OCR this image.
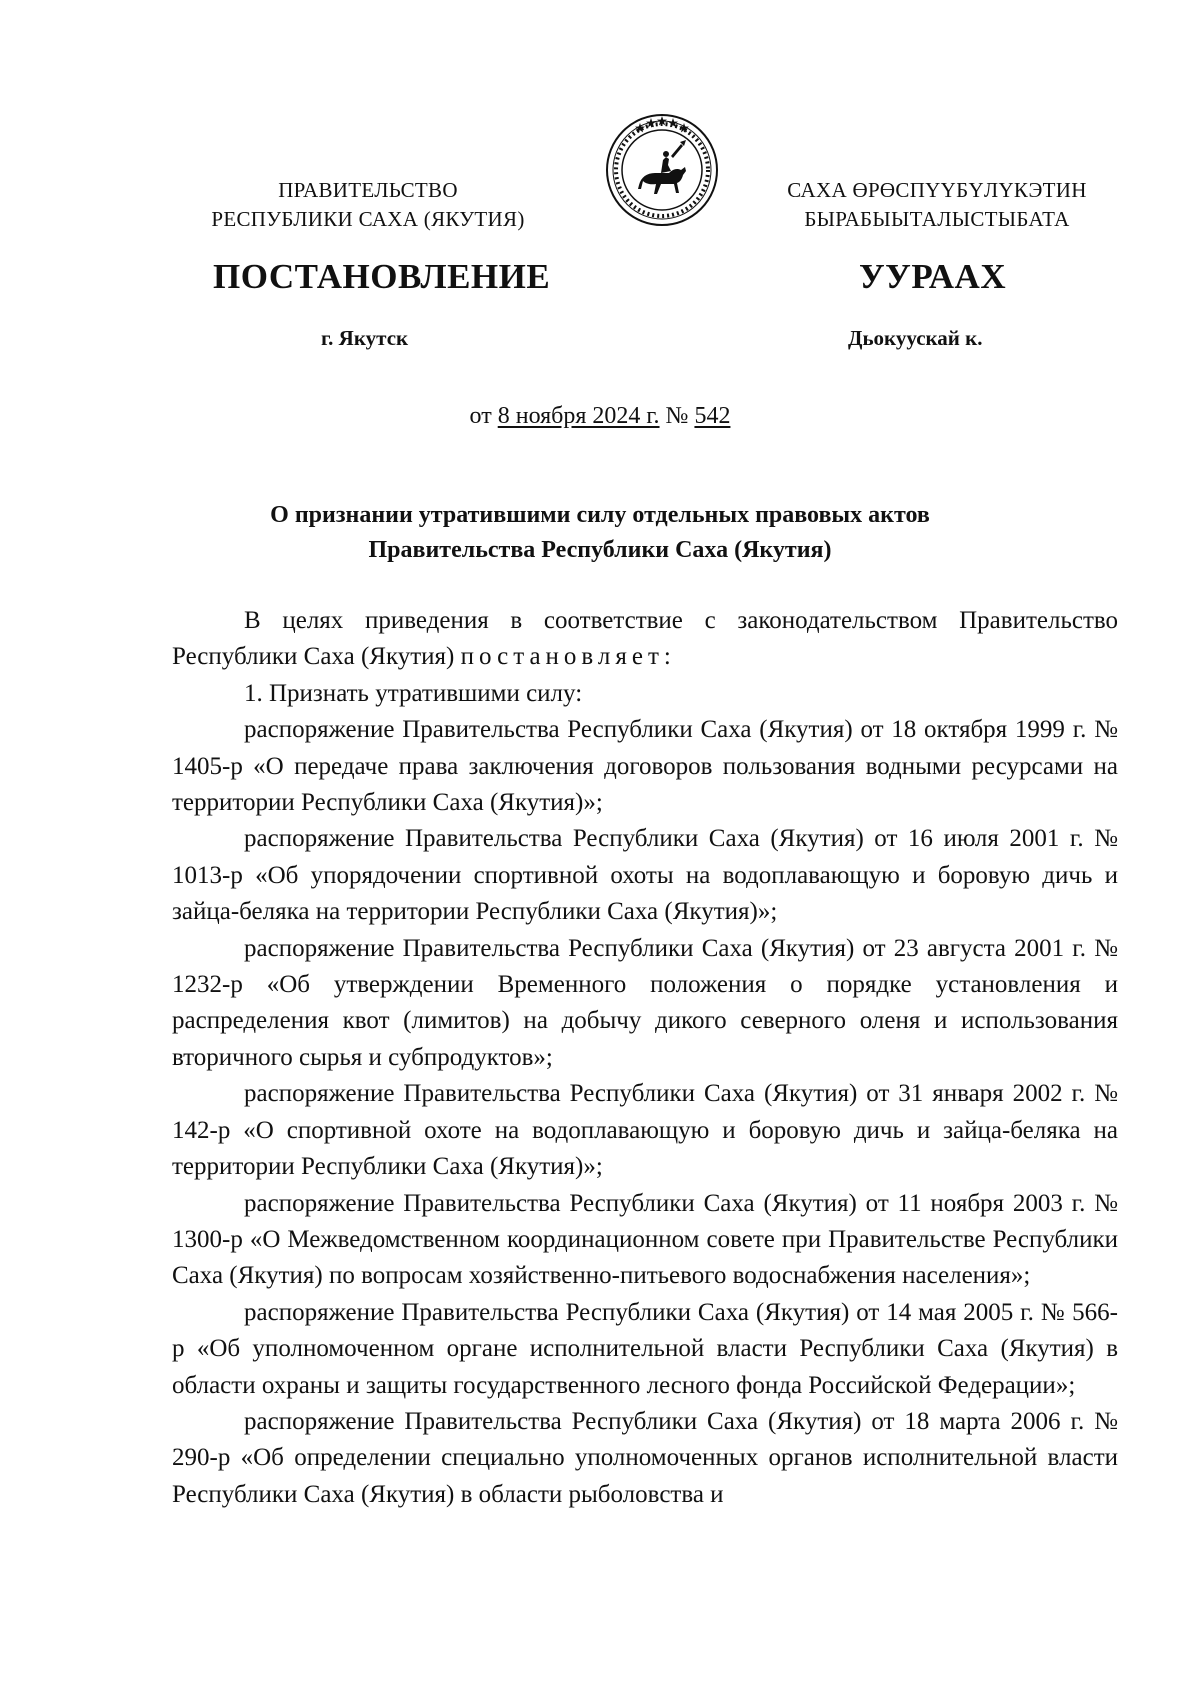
ПРАВИТЕЛЬСТВО
РЕСПУБЛИКИ САХА (ЯКУТИЯ)
САХА ӨРӨСПYYБYЛYКЭТИН
БЫРАБЫЫТАЛЫСТЫБАТА
ПОСТАНОВЛЕНИЕ	УУРААХ
г. Якутск	Дьокуускай к.
от 8 ноября 2024 г. № 542
О признании утратившими силу отдельных правовых актов
Правительства Республики Саха (Якутия)

В целях приведения в соответствие с законодательством Правительство Республики Саха (Якутия) постановляет:

1. Признать утратившими силу:

распоряжение Правительства Республики Саха (Якутия) от 18 октября 1999 г. № 1405-р «О передаче права заключения договоров пользования водными ресурсами на территории Республики Саха (Якутия)»;

распоряжение Правительства Республики Саха (Якутия) от 16 июля 2001 г. № 1013-р «Об упорядочении спортивной охоты на водоплавающую и боровую дичь и зайца-беляка на территории Республики Саха (Якутия)»;

распоряжение Правительства Республики Саха (Якутия) от 23 августа 2001 г. № 1232-р «Об утверждении Временного положения о порядке установления и распределения квот (лимитов) на добычу дикого северного оленя и использования вторичного сырья и субпродуктов»;

распоряжение Правительства Республики Саха (Якутия) от 31 января 2002 г. № 142-р «О спортивной охоте на водоплавающую и боровую дичь и зайца-беляка на территории Республики Саха (Якутия)»;

распоряжение Правительства Республики Саха (Якутия) от 11 ноября 2003 г. № 1300-р «О Межведомственном координационном совете при Правительстве Республики Саха (Якутия) по вопросам хозяйственно-питьевого водоснабжения населения»;

распоряжение Правительства Республики Саха (Якутия) от 14 мая 2005 г. № 566-р «Об уполномоченном органе исполнительной власти Республики Саха (Якутия) в области охраны и защиты государственного лесного фонда Российской Федерации»;

распоряжение Правительства Республики Саха (Якутия) от 18 марта 2006 г. № 290-р «Об определении специально уполномоченных органов исполнительной власти Республики Саха (Якутия) в области рыболовства и
